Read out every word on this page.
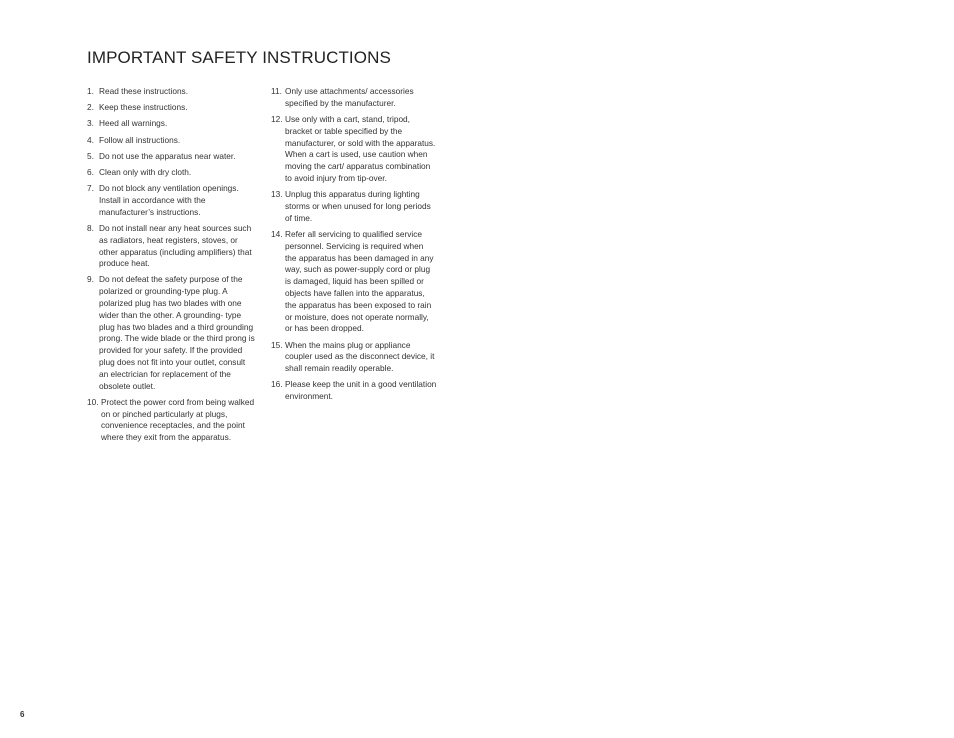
IMPORTANT SAFETY INSTRUCTIONS
1. Read these instructions.
2. Keep these instructions.
3. Heed all warnings.
4. Follow all instructions.
5. Do not use the apparatus near water.
6. Clean only with dry cloth.
7. Do not block any ventilation openings. Install in accordance with the manufacturer’s instructions.
8. Do not install near any heat sources such as radiators, heat registers, stoves, or other apparatus (including amplifiers) that produce heat.
9. Do not defeat the safety purpose of the polarized or grounding-type plug. A polarized plug has two blades with one wider than the other. A grounding- type plug has two blades and a third grounding prong. The wide blade or the third prong is provided for your safety. If the provided plug does not fit into your outlet, consult an electrician for replacement of the obsolete outlet.
10. Protect the power cord from being walked on or pinched particularly at plugs, convenience receptacles, and the point where they exit from the apparatus.
11. Only use attachments/ accessories specified by the manufacturer.
12. Use only with a cart, stand, tripod, bracket or table specified by the manufacturer, or sold with the apparatus. When a cart is used, use caution when moving the cart/ apparatus combination to avoid injury from tip-over.
13. Unplug this apparatus during lighting storms or when unused for long periods of time.
14. Refer all servicing to qualified service personnel. Servicing is required when the apparatus has been damaged in any way, such as power-supply cord or plug is damaged, liquid has been spilled or objects have fallen into the apparatus, the apparatus has been exposed to rain or moisture, does not operate normally, or has been dropped.
15. When the mains plug or appliance coupler used as the disconnect device, it shall remain readily operable.
16. Please keep the unit in a good ventilation environment.
6
